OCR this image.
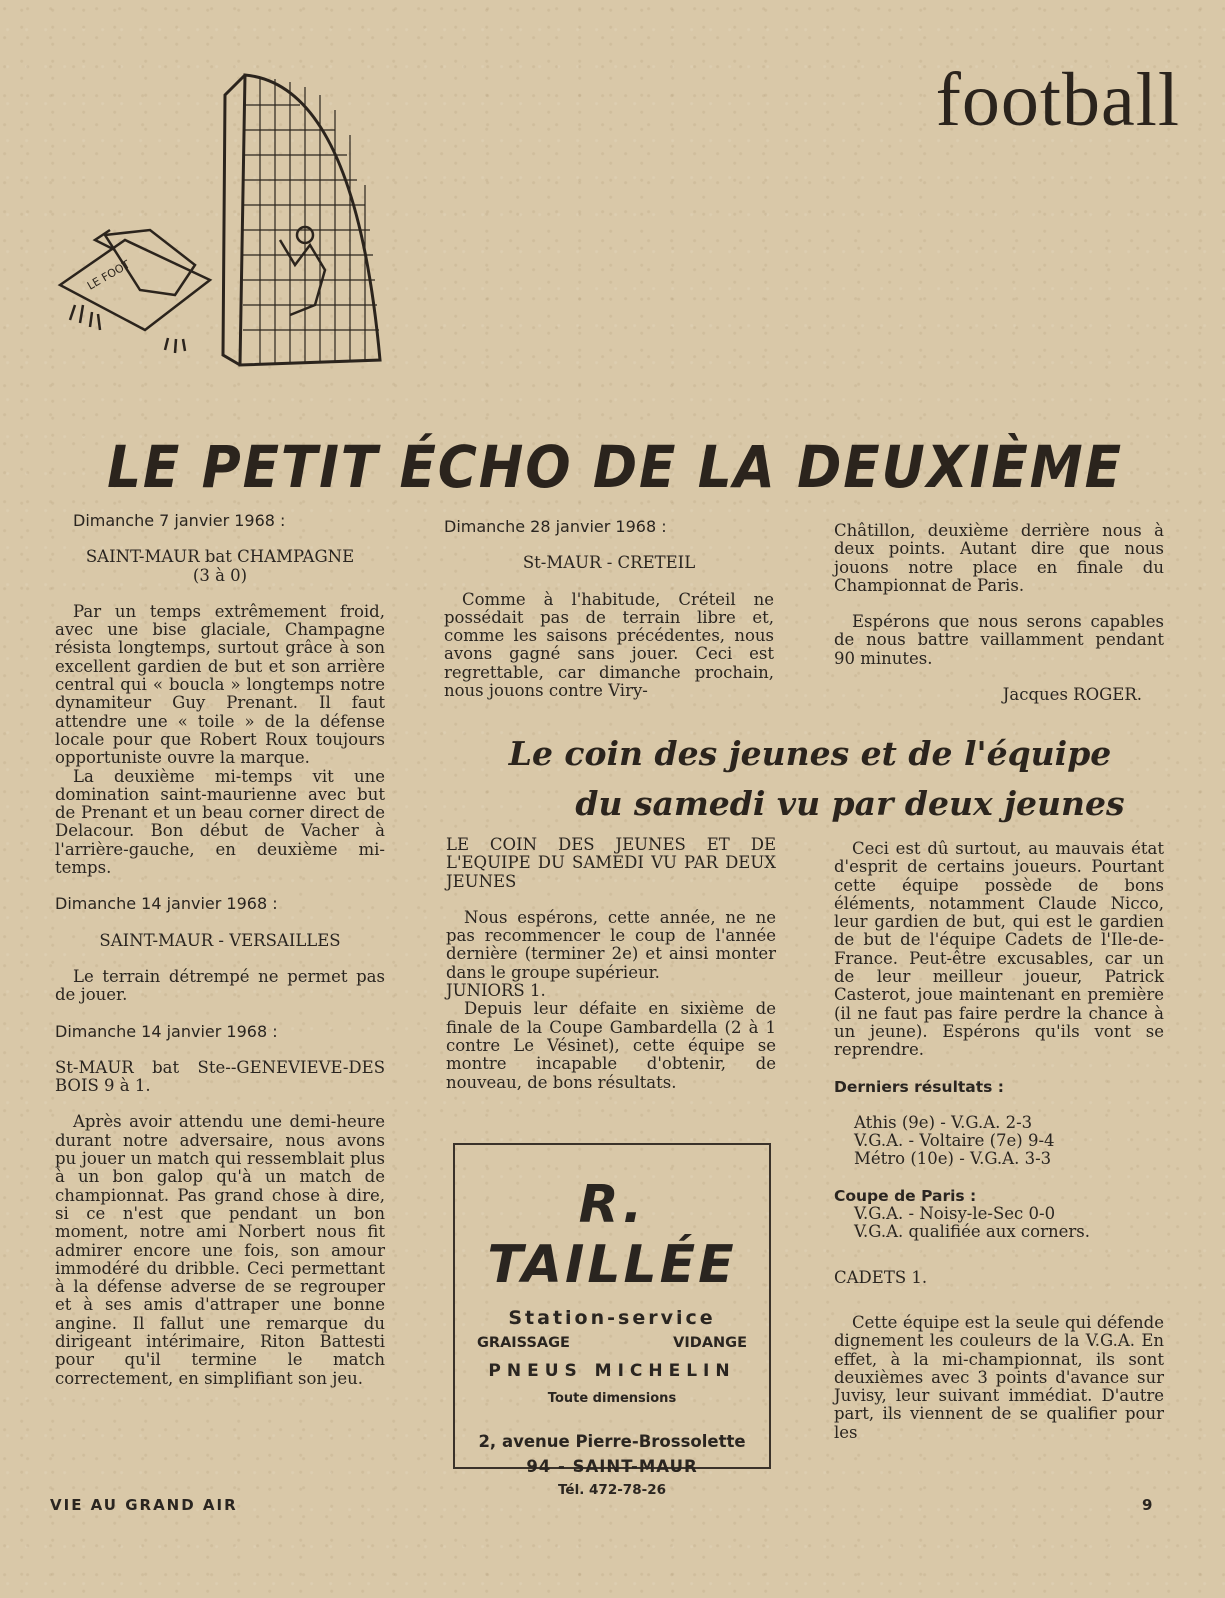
football
LE FOOT
LE PETIT ÉCHO DE LA DEUXIÈME

Dimanche 7 janvier 1968 :

SAINT-MAUR bat CHAMPAGNE

(3 à 0)

Par un temps extrêmement froid, avec une bise glaciale, Champagne résista longtemps, surtout grâce à son excellent gardien de but et son arrière central qui « boucla » longtemps notre dynamiteur Guy Prenant. Il faut attendre une « toile » de la défense locale pour que Robert Roux toujours opportuniste ouvre la marque.

La deuxième mi-temps vit une domination saint-maurienne avec but de Prenant et un beau corner direct de Delacour. Bon début de Vacher à l'arrière-gauche, en deuxième mi-temps.

Dimanche 14 janvier 1968 :

SAINT-MAUR - VERSAILLES

Le terrain détrempé ne permet pas de jouer.

Dimanche 14 janvier 1968 :

St-MAUR bat Ste--GENEVIEVE-DES BOIS 9 à 1.

Après avoir attendu une demi-heure durant notre adversaire, nous avons pu jouer un match qui ressemblait plus à un bon galop qu'à un match de championnat. Pas grand chose à dire, si ce n'est que pendant un bon moment, notre ami Norbert nous fit admirer encore une fois, son amour immodéré du dribble. Ceci permettant à la défense adverse de se regrouper et à ses amis d'attraper une bonne angine. Il fallut une remarque du dirigeant intérimaire, Riton Battesti pour qu'il termine le match correctement, en simplifiant son jeu.

Dimanche 28 janvier 1968 :

St-MAUR - CRETEIL

Comme à l'habitude, Créteil ne possédait pas de terrain libre et, comme les saisons précédentes, nous avons gagné sans jouer. Ceci est regrettable, car dimanche prochain, nous jouons contre Viry-

Châtillon, deuxième derrière nous à deux points. Autant dire que nous jouons notre place en finale du Championnat de Paris.

Espérons que nous serons capables de nous battre vaillamment pendant 90 minutes.

Jacques ROGER.

Le coin des jeunes et de l'équipe
du samedi vu par deux jeunes

LE COIN DES JEUNES ET DE L'EQUIPE DU SAMEDI VU PAR DEUX JEUNES

Nous espérons, cette année, ne ne pas recommencer le coup de l'année dernière (terminer 2e) et ainsi monter dans le groupe supérieur.

JUNIORS 1.

Depuis leur défaite en sixième de finale de la Coupe Gambardella (2 à 1 contre Le Vésinet), cette équipe se montre incapable d'obtenir, de nouveau, de bons résultats.

Ceci est dû surtout, au mauvais état d'esprit de certains joueurs. Pourtant cette équipe possède de bons éléments, notamment Claude Nicco, leur gardien de but, qui est le gardien de but de l'équipe Cadets de l'Ile-de-France. Peut-être excusables, car un de leur meilleur joueur, Patrick Casterot, joue maintenant en première (il ne faut pas faire perdre la chance à un jeune). Espérons qu'ils vont se reprendre.

Derniers résultats :

Athis (9e) - V.G.A. 2-3

V.G.A. - Voltaire (7e) 9-4

Métro (10e) - V.G.A. 3-3

Coupe de Paris :

V.G.A. - Noisy-le-Sec 0-0

V.G.A. qualifiée aux corners.

CADETS 1.

Cette équipe est la seule qui défende dignement les couleurs de la V.G.A. En effet, à la mi-championnat, ils sont deuxièmes avec 3 points d'avance sur Juvisy, leur suivant immédiat. D'autre part, ils viennent de se qualifier pour les

R. TAILLÉE
Station-service
GRAISSAGE	VIDANGE
PNEUS MICHELIN
Toute dimensions
2, avenue Pierre-Brossolette
94 - SAINT-MAUR
Tél. 472-78-26
VIE AU GRAND AIR	9
